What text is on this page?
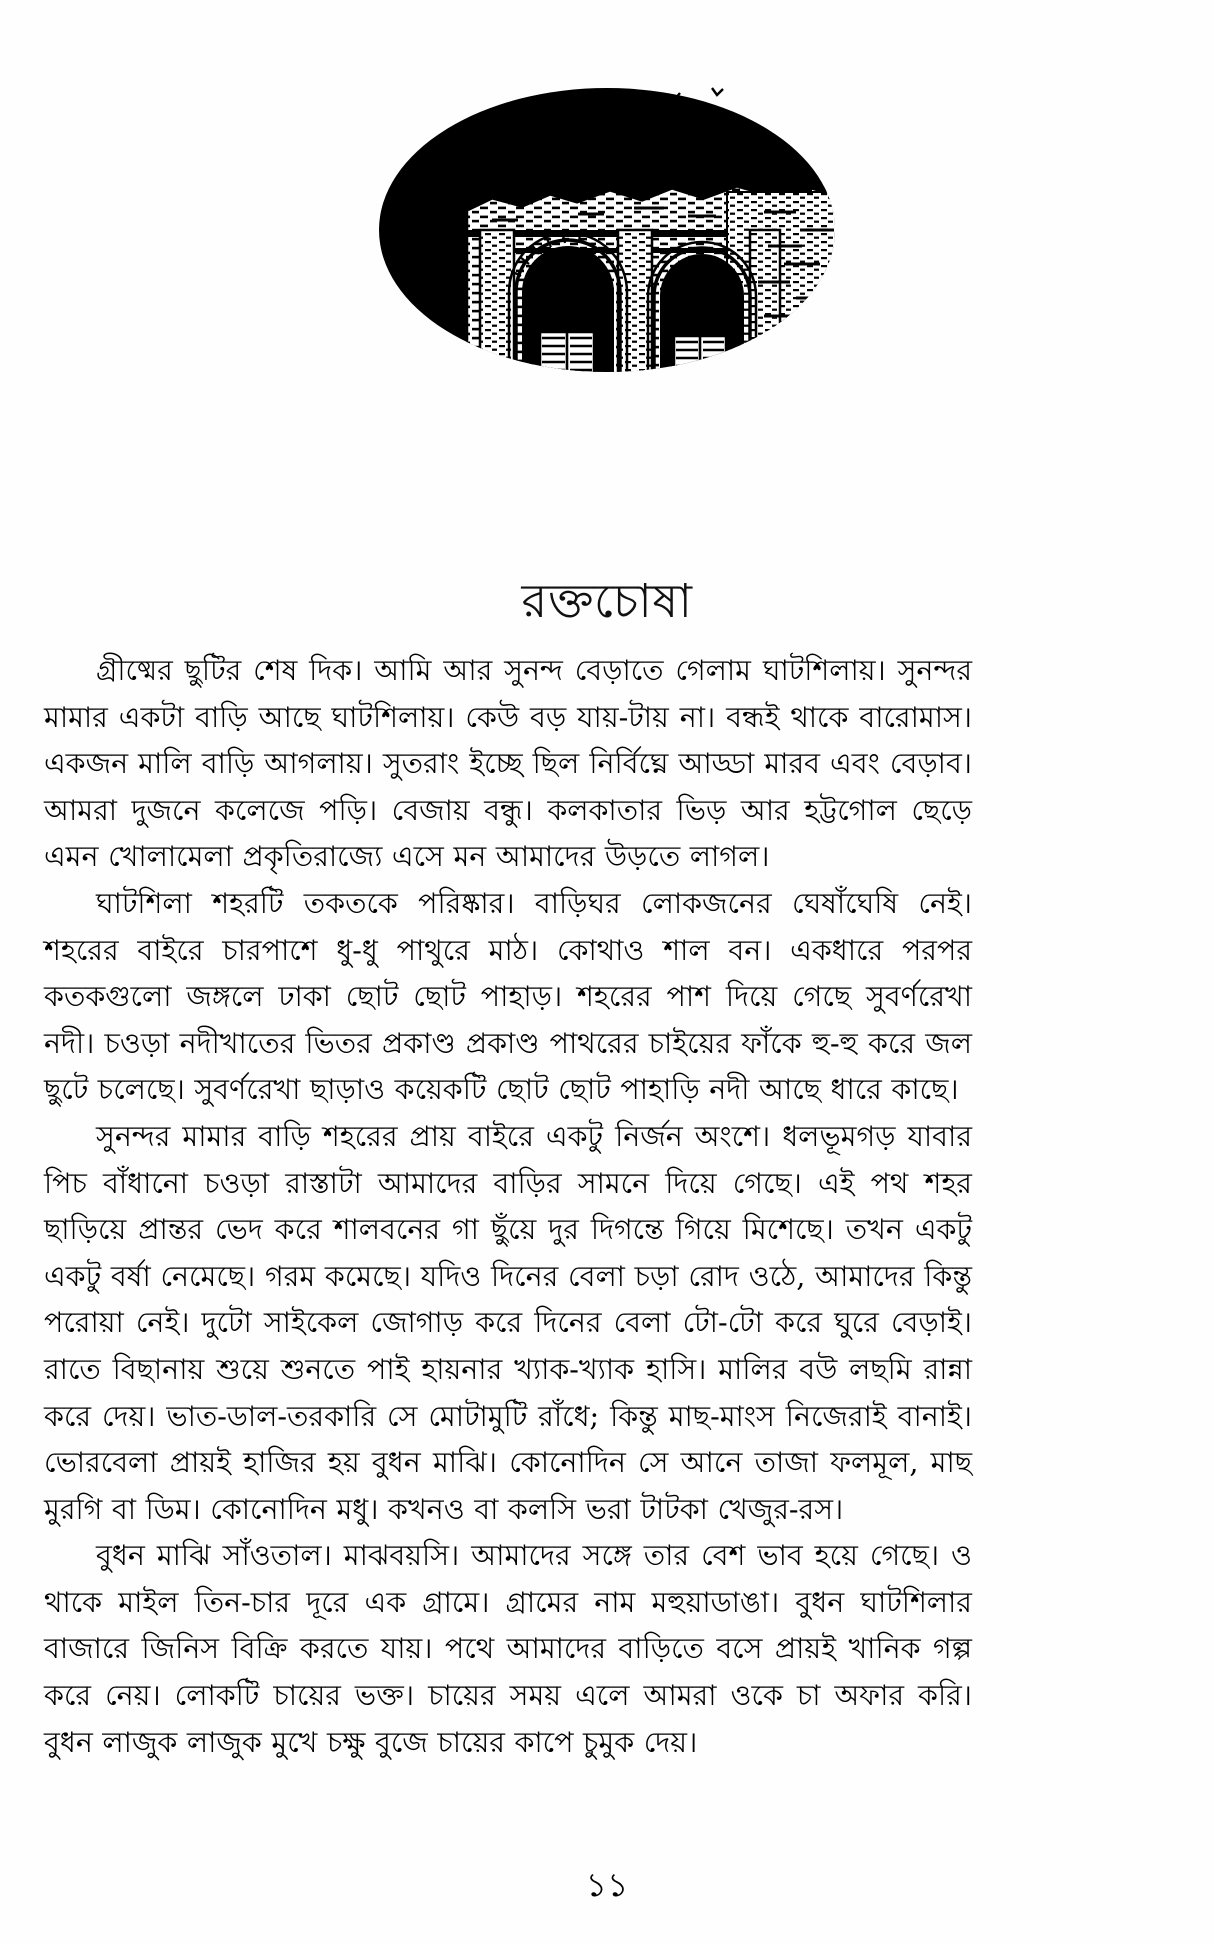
রক্তচোষা

গ্রীষ্মের ছুটির শেষ দিক। আমি আর সুনন্দ বেড়াতে গেলাম ঘাটশিলায়। সুনন্দর মামার একটা বাড়ি আছে ঘাটশিলায়। কেউ বড় যায়-টায় না। বন্ধই থাকে বারোমাস। একজন মালি বাড়ি আগলায়। সুতরাং ইচ্ছে ছিল নির্বিঘ্নে আড্ডা মারব এবং বেড়াব। আমরা দুজনে কলেজে পড়ি। বেজায় বন্ধু। কলকাতার ভিড় আর হট্টগোল ছেড়ে এমন খোলামেলা প্রকৃতিরাজ্যে এসে মন আমাদের উড়তে লাগল।

ঘাটশিলা শহরটি তকতকে পরিষ্কার। বাড়িঘর লোকজনের ঘেষাঁঘেষি নেই। শহরের বাইরে চারপাশে ধু-ধু পাথুরে মাঠ। কোথাও শাল বন। একধারে পরপর কতকগুলো জঙ্গলে ঢাকা ছোট ছোট পাহাড়। শহরের পাশ দিয়ে গেছে সুবর্ণরেখা নদী। চওড়া নদীখাতের ভিতর প্রকাণ্ড প্রকাণ্ড পাথরের চাইয়ের ফাঁকে হু-হু করে জল ছুটে চলেছে। সুবর্ণরেখা ছাড়াও কয়েকটি ছোট ছোট পাহাড়ি নদী আছে ধারে কাছে।

সুনন্দর মামার বাড়ি শহরের প্রায় বাইরে একটু নির্জন অংশে। ধলভূমগড় যাবার পিচ বাঁধানো চওড়া রাস্তাটা আমাদের বাড়ির সামনে দিয়ে গেছে। এই পথ শহর ছাড়িয়ে প্রান্তর ভেদ করে শালবনের গা ছুঁয়ে দুর দিগন্তে গিয়ে মিশেছে। তখন একটু একটু বর্ষা নেমেছে। গরম কমেছে। যদিও দিনের বেলা চড়া রোদ ওঠে, আমাদের কিন্তু পরোয়া নেই। দুটো সাইকেল জোগাড় করে দিনের বেলা টো-টো করে ঘুরে বেড়াই। রাতে বিছানায় শুয়ে শুনতে পাই হায়নার খ্যাক-খ্যাক হাসি। মালির বউ লছমি রান্না করে দেয়। ভাত-ডাল-তরকারি সে মোটামুটি রাঁধে; কিন্তু মাছ-মাংস নিজেরাই বানাই। ভোরবেলা প্রায়ই হাজির হয় বুধন মাঝি। কোনোদিন সে আনে তাজা ফলমূল, মাছ মুরগি বা ডিম। কোনোদিন মধু। কখনও বা কলসি ভরা টাটকা খেজুর-রস।

বুধন মাঝি সাঁওতাল। মাঝবয়সি। আমাদের সঙ্গে তার বেশ ভাব হয়ে গেছে। ও থাকে মাইল তিন-চার দূরে এক গ্রামে। গ্রামের নাম মহুয়াডাঙা। বুধন ঘাটশিলার বাজারে জিনিস বিক্রি করতে যায়। পথে আমাদের বাড়িতে বসে প্রায়ই খানিক গল্প করে নেয়। লোকটি চায়ের ভক্ত। চায়ের সময় এলে আমরা ওকে চা অফার করি। বুধন লাজুক লাজুক মুখে চক্ষু বুজে চায়ের কাপে চুমুক দেয়।

১১
